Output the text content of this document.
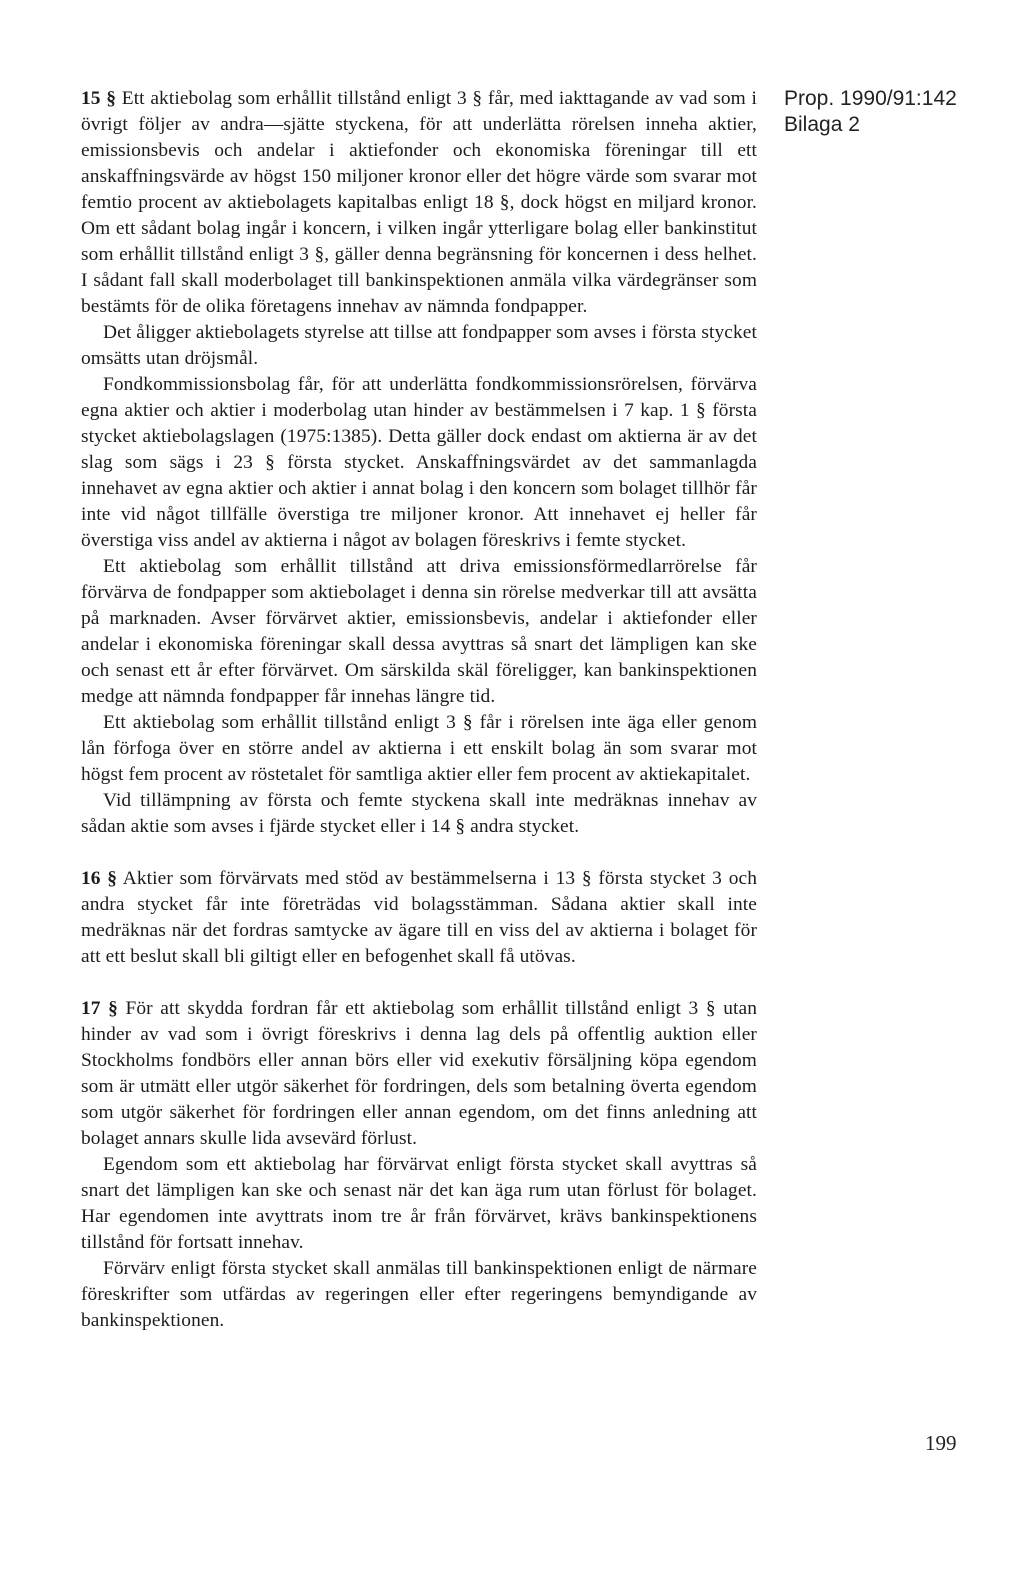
15 § Ett aktiebolag som erhållit tillstånd enligt 3 § får, med iakttagande av vad som i övrigt följer av andra—sjätte styckena, för att underlätta rörelsen inneha aktier, emissionsbevis och andelar i aktiefonder och ekonomiska föreningar till ett anskaffningsvärde av högst 150 miljoner kronor eller det högre värde som svarar mot femtio procent av aktiebolagets kapitalbas enligt 18 §, dock högst en miljard kronor. Om ett sådant bolag ingår i koncern, i vilken ingår ytterligare bolag eller bankinstitut som erhållit tillstånd enligt 3 §, gäller denna begränsning för koncernen i dess helhet. I sådant fall skall moderbolaget till bankinspektionen anmäla vilka värdegränser som bestämts för de olika företagens innehav av nämnda fondpapper.

Det åligger aktiebolagets styrelse att tillse att fondpapper som avses i första stycket omsätts utan dröjsmål.

Fondkommissionsbolag får, för att underlätta fondkommissionsrörelsen, förvärva egna aktier och aktier i moderbolag utan hinder av bestämmelsen i 7 kap. 1 § första stycket aktiebolagslagen (1975:1385). Detta gäller dock endast om aktierna är av det slag som sägs i 23 § första stycket. Anskaffningsvärdet av det sammanlagda innehavet av egna aktier och aktier i annat bolag i den koncern som bolaget tillhör får inte vid något tillfälle överstiga tre miljoner kronor. Att innehavet ej heller får överstiga viss andel av aktierna i något av bolagen föreskrivs i femte stycket.

Ett aktiebolag som erhållit tillstånd att driva emissionsförmedlarrörelse får förvärva de fondpapper som aktiebolaget i denna sin rörelse medverkar till att avsätta på marknaden. Avser förvärvet aktier, emissionsbevis, andelar i aktiefonder eller andelar i ekonomiska föreningar skall dessa avyttras så snart det lämpligen kan ske och senast ett år efter förvärvet. Om särskilda skäl föreligger, kan bankinspektionen medge att nämnda fondpapper får innehas längre tid.

Ett aktiebolag som erhållit tillstånd enligt 3 § får i rörelsen inte äga eller genom lån förfoga över en större andel av aktierna i ett enskilt bolag än som svarar mot högst fem procent av röstetalet för samtliga aktier eller fem procent av aktiekapitalet.

Vid tillämpning av första och femte styckena skall inte medräknas innehav av sådan aktie som avses i fjärde stycket eller i 14 § andra stycket.

16 § Aktier som förvärvats med stöd av bestämmelserna i 13 § första stycket 3 och andra stycket får inte företrädas vid bolagsstämman. Sådana aktier skall inte medräknas när det fordras samtycke av ägare till en viss del av aktierna i bolaget för att ett beslut skall bli giltigt eller en befogenhet skall få utövas.

17 § För att skydda fordran får ett aktiebolag som erhållit tillstånd enligt 3 § utan hinder av vad som i övrigt föreskrivs i denna lag dels på offentlig auktion eller Stockholms fondbörs eller annan börs eller vid exekutiv försäljning köpa egendom som är utmätt eller utgör säkerhet för fordringen, dels som betalning överta egendom som utgör säkerhet för fordringen eller annan egendom, om det finns anledning att bolaget annars skulle lida avsevärd förlust.

Egendom som ett aktiebolag har förvärvat enligt första stycket skall avyttras så snart det lämpligen kan ske och senast när det kan äga rum utan förlust för bolaget. Har egendomen inte avyttrats inom tre år från förvärvet, krävs bankinspektionens tillstånd för fortsatt innehav.

Förvärv enligt första stycket skall anmälas till bankinspektionen enligt de närmare föreskrifter som utfärdas av regeringen eller efter regeringens bemyndigande av bankinspektionen.

Prop. 1990/91:142
Bilaga 2
199
